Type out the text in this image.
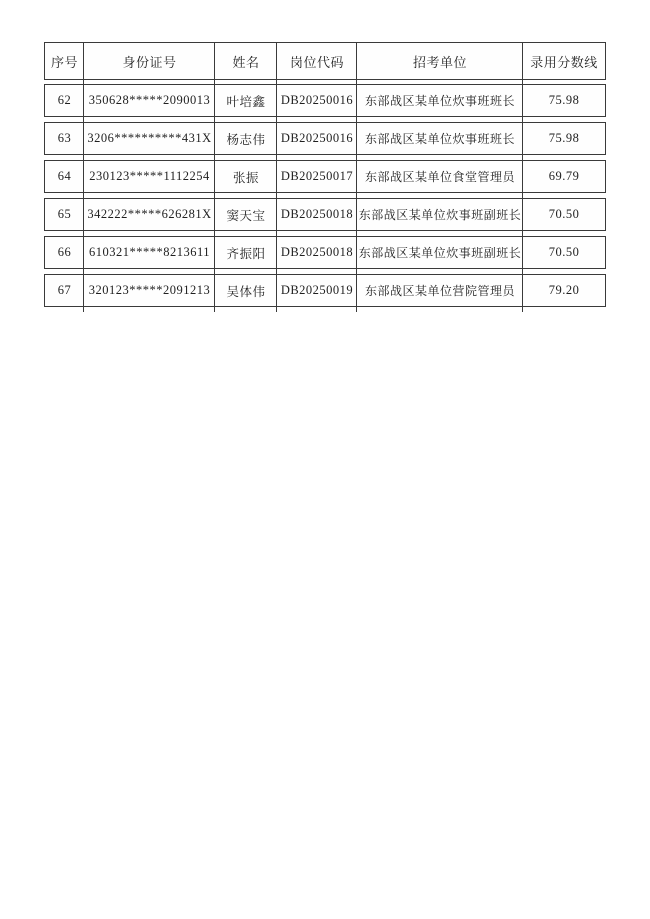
序号	身份证号	姓名	岗位代码	招考单位	录用分数线
62	350628*****2090013	叶培鑫	DB20250016 东部战区某单位炊事班班长	75.98
63	3206**********431X	杨志伟	DB20250016 东部战区某单位炊事班班长	75.98
64	230123*****1112254	张振	DB20250017 东部战区某单位食堂管理员	69.79
65	342222*****626281X	窦天宝	DB20250018 东部战区某单位炊事班副班长	70.50
66	610321*****8213611	齐振阳	DB20250018 东部战区某单位炊事班副班长	70.50
67	320123*****2091213	吴体伟	DB20250019 东部战区某单位营院管理员	79.20
